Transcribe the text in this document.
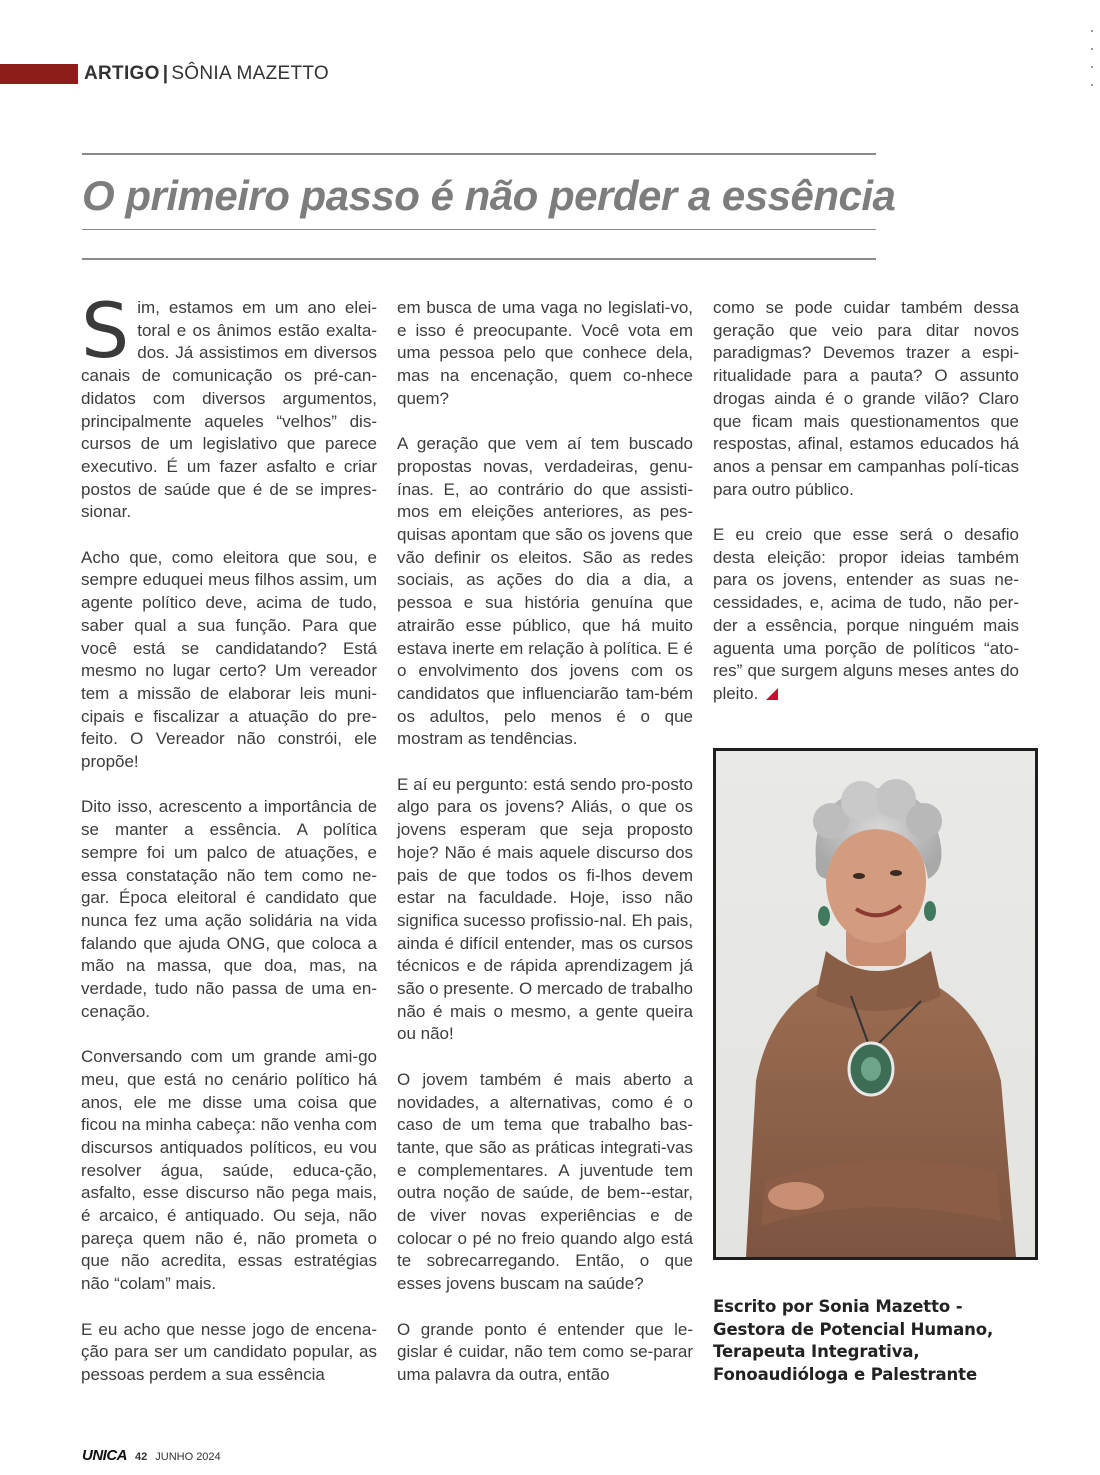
ARTIGO | SÔNIA MAZETTO
O primeiro passo é não perder a essência

Sim, estamos em um ano elei-toral e os ânimos estão exalta-dos. Já assistimos em diversos canais de comunicação os pré-can-didatos com diversos argumentos, principalmente aqueles “velhos” dis-cursos de um legislativo que parece executivo. É um fazer asfalto e criar postos de saúde que é de se impres-sionar.

Acho que, como eleitora que sou, e sempre eduquei meus filhos assim, um agente político deve, acima de tudo, saber qual a sua função. Para que você está se candidatando? Está mesmo no lugar certo? Um vereador tem a missão de elaborar leis muni-cipais e fiscalizar a atuação do pre-feito. O Vereador não constrói, ele propõe!

Dito isso, acrescento a importância de se manter a essência. A política sempre foi um palco de atuações, e essa constatação não tem como ne-gar. Época eleitoral é candidato que nunca fez uma ação solidária na vida falando que ajuda ONG, que coloca a mão na massa, que doa, mas, na verdade, tudo não passa de uma en-cenação.

Conversando com um grande ami-go meu, que está no cenário político há anos, ele me disse uma coisa que ficou na minha cabeça: não venha com discursos antiquados políticos, eu vou resolver água, saúde, educa-ção, asfalto, esse discurso não pega mais, é arcaico, é antiquado. Ou seja, não pareça quem não é, não prometa o que não acredita, essas estratégias não “colam” mais.

E eu acho que nesse jogo de encena-ção para ser um candidato popular, as pessoas perdem a sua essência

em busca de uma vaga no legislati-vo, e isso é preocupante. Você vota em uma pessoa pelo que conhece dela, mas na encenação, quem co-nhece quem?

A geração que vem aí tem buscado propostas novas, verdadeiras, genu-ínas. E, ao contrário do que assisti-mos em eleições anteriores, as pes-quisas apontam que são os jovens que vão definir os eleitos. São as redes sociais, as ações do dia a dia, a pessoa e sua história genuína que atrairão esse público, que há muito estava inerte em relação à política. E é o envolvimento dos jovens com os candidatos que influenciarão tam-bém os adultos, pelo menos é o que mostram as tendências.

E aí eu pergunto: está sendo pro-posto algo para os jovens? Aliás, o que os jovens esperam que seja proposto hoje? Não é mais aquele discurso dos pais de que todos os fi-lhos devem estar na faculdade. Hoje, isso não significa sucesso profissio-nal. Eh pais, ainda é difícil entender, mas os cursos técnicos e de rápida aprendizagem já são o presente. O mercado de trabalho não é mais o mesmo, a gente queira ou não!

O jovem também é mais aberto a novidades, a alternativas, como é o caso de um tema que trabalho bas-tante, que são as práticas integrati-vas e complementares. A juventude tem outra noção de saúde, de bem--estar, de viver novas experiências e de colocar o pé no freio quando algo está te sobrecarregando. Então, o que esses jovens buscam na saúde?

O grande ponto é entender que le-gislar é cuidar, não tem como se-parar uma palavra da outra, então

como se pode cuidar também dessa geração que veio para ditar novos paradigmas? Devemos trazer a espi-ritualidade para a pauta? O assunto drogas ainda é o grande vilão? Claro que ficam mais questionamentos que respostas, afinal, estamos educados há anos a pensar em campanhas polí-ticas para outro público.

E eu creio que esse será o desafio desta eleição: propor ideias também para os jovens, entender as suas ne-cessidades, e, acima de tudo, não per-der a essência, porque ninguém mais aguenta uma porção de políticos “ato-res” que surgem alguns meses antes do pleito.

Escrito por Sonia Mazetto - Gestora de Potencial Humano, Terapeuta Integrativa, Fonoaudióloga e Palestrante
UNICA 42 JUNHO 2024
